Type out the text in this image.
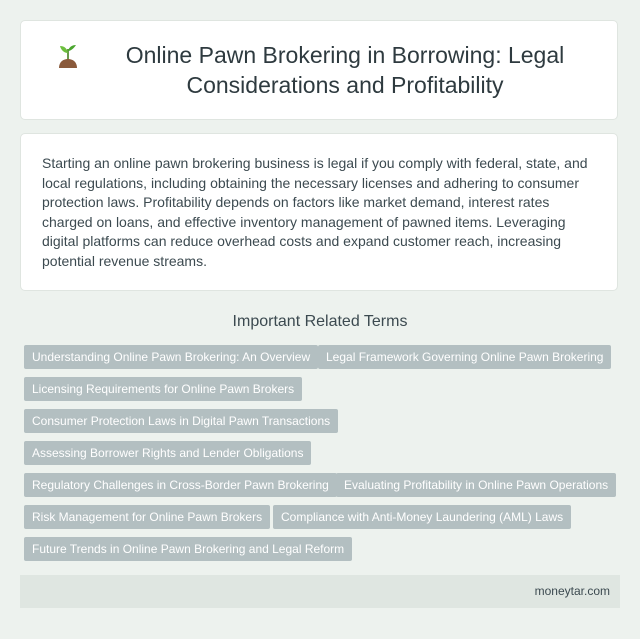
Online Pawn Brokering in Borrowing: Legal Considerations and Profitability

Starting an online pawn brokering business is legal if you comply with federal, state, and local regulations, including obtaining the necessary licenses and adhering to consumer protection laws. Profitability depends on factors like market demand, interest rates charged on loans, and effective inventory management of pawned items. Leveraging digital platforms can reduce overhead costs and expand customer reach, increasing potential revenue streams.

Important Related Terms
Understanding Online Pawn Brokering: An Overview	Legal Framework Governing Online Pawn Brokering
Licensing Requirements for Online Pawn Brokers
Consumer Protection Laws in Digital Pawn Transactions
Assessing Borrower Rights and Lender Obligations
Regulatory Challenges in Cross-Border Pawn Brokering	Evaluating Profitability in Online Pawn Operations
Risk Management for Online Pawn Brokers	Compliance with Anti-Money Laundering (AML) Laws
Future Trends in Online Pawn Brokering and Legal Reform
moneytar.com
